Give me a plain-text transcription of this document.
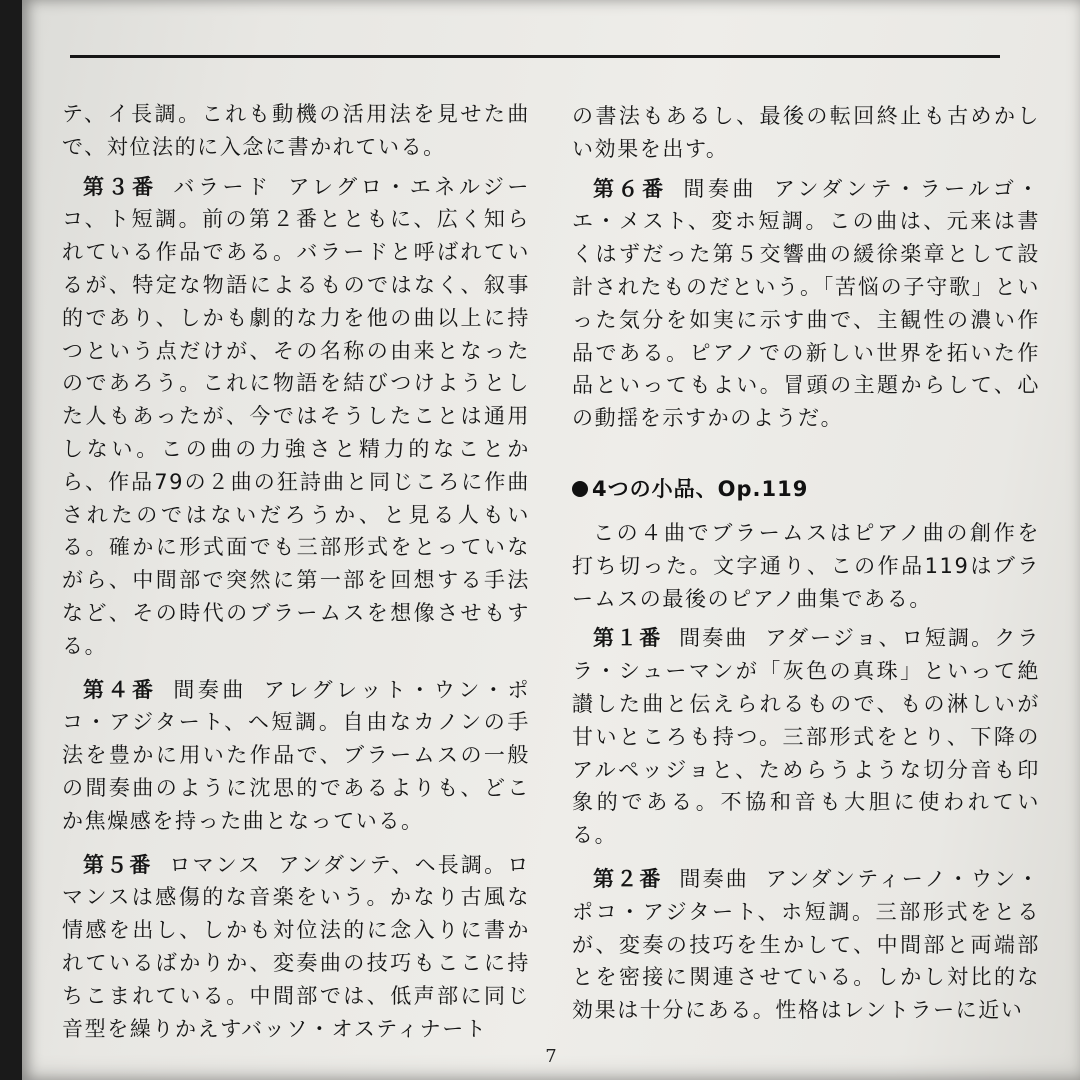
テ、イ長調。これも動機の活用法を見せた曲で、対位法的に入念に書かれている。

第３番 バラード アレグロ・エネルジーコ、ト短調。前の第２番とともに、広く知られている作品である。バラードと呼ばれているが、特定な物語によるものではなく、叙事的であり、しかも劇的な力を他の曲以上に持つという点だけが、その名称の由来となったのであろう。これに物語を結びつけようとした人もあったが、今ではそうしたことは通用しない。この曲の力強さと精力的なことから、作品79の２曲の狂詩曲と同じころに作曲されたのではないだろうか、と見る人もいる。確かに形式面でも三部形式をとっていながら、中間部で突然に第一部を回想する手法など、その時代のブラームスを想像させもする。

第４番 間奏曲 アレグレット・ウン・ポコ・アジタート、ヘ短調。自由なカノンの手法を豊かに用いた作品で、ブラームスの一般の間奏曲のように沈思的であるよりも、どこか焦燥感を持った曲となっている。

第５番 ロマンス アンダンテ、ヘ長調。ロマンスは感傷的な音楽をいう。かなり古風な情感を出し、しかも対位法的に念入りに書かれているばかりか、変奏曲の技巧もここに持ちこまれている。中間部では、低声部に同じ音型を繰りかえすバッソ・オスティナート

の書法もあるし、最後の転回終止も古めかしい効果を出す。

第６番 間奏曲 アンダンテ・ラールゴ・エ・メスト、変ホ短調。この曲は、元来は書くはずだった第５交響曲の緩徐楽章として設計されたものだという。「苦悩の子守歌」といった気分を如実に示す曲で、主観性の濃い作品である。ピアノでの新しい世界を拓いた作品といってもよい。冒頭の主題からして、心の動揺を示すかのようだ。

4つの小品、Op.119

この４曲でブラームスはピアノ曲の創作を打ち切った。文字通り、この作品119はブラームスの最後のピアノ曲集である。

第１番 間奏曲 アダージョ、ロ短調。クララ・シューマンが「灰色の真珠」といって絶讃した曲と伝えられるもので、もの淋しいが甘いところも持つ。三部形式をとり、下降のアルペッジョと、ためらうような切分音も印象的である。不協和音も大胆に使われている。

第２番 間奏曲 アンダンティーノ・ウン・ポコ・アジタート、ホ短調。三部形式をとるが、変奏の技巧を生かして、中間部と両端部とを密接に関連させている。しかし対比的な効果は十分にある。性格はレントラーに近い

7
